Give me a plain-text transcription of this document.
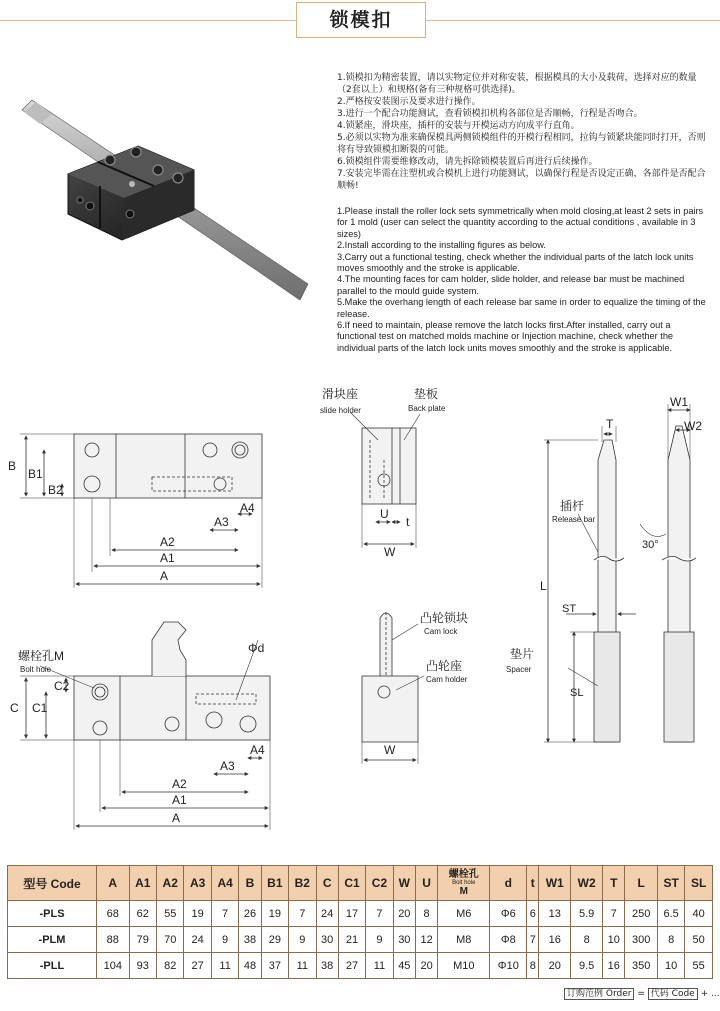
锁模扣
1.锁模扣为精密装置，请以实物定位并对称安装，根据模具的大小及载荷，选择对应的数量（2套以上）和规格(备有三种规格可供选择)。
2.严格按安装图示及要求进行操作。
3.进行一个配合功能测试，查看锁模扣机构各部位是否顺畅，行程是否吻合。
4.锁紧座，滑块座，插杆的安装与开模运动方向成平行直角。
5.必须以实物为准来确保模具两侧锁模组件的开模行程相同，拉钩与锁紧块能同时打开，否则将有导致锁模扣断裂的可能。
6.锁模组件需要维修改动，请先拆除锁模装置后再进行后续操作。
7.安装完毕需在注塑机或合模机上进行功能测试，以确保行程是否设定正确，各部件是否配合顺畅!
1.Please install the roller lock sets symmetrically when mold closing,at least 2 sets in pairs for 1 mold (user can select the quantity according to the actual conditions , available in 3 sizes)
2.Install according to the installing figures as below.
3.Carry out a functional testing, check whether the individual parts of the latch lock units moves smoothly and the stroke is applicable.
4.The mounting faces for cam holder, slide holder, and release bar must be machined parallel to the mould guide system.
5.Make the overhang length of each release bar same in order to equalize the timing of the release.
6.If need to maintain, please remove the latch locks first.After installed, carry out a functional test on matched molds machine or Injection machine, check whether the individual parts of the latch lock units moves smoothly and the stroke is applicable.
B
B1
B2
A
A1
A2
A3
A4
C C1
C2
A
A1
A2
A3
A4
Φd
螺栓孔M
Bolt hole
滑块座
slide holder
垫板
Back plate
U
t
W
凸轮锁块
Cam lock
凸轮座
Cam holder
W
插杆
Release bar
垫片
Spacer
L
ST
SL
T
W1
W2
30°
型号 Code	A	A1	A2	A3	A4	B	B1	B2	C	C1	C2	W	U	螺栓孔
Bolt hole
M	d	t	W1	W2	T	L	ST	SL
-PLS	68	62	55	19	7	26	19	7	24	17	7	20	8	M6	Φ6	6	13	5.9	7	250	6.5	40
-PLM	88	79	70	24	9	38	29	9	30	21	9	30	12	M8	Φ8	7	16	8	10	300	8	50
-PLL	104	93	82	27	11	48	37	11	38	27	11	45	20	M10	Φ10	8	20	9.5	16	350	10	55
订购范例 Order = 代码 Code + ...
